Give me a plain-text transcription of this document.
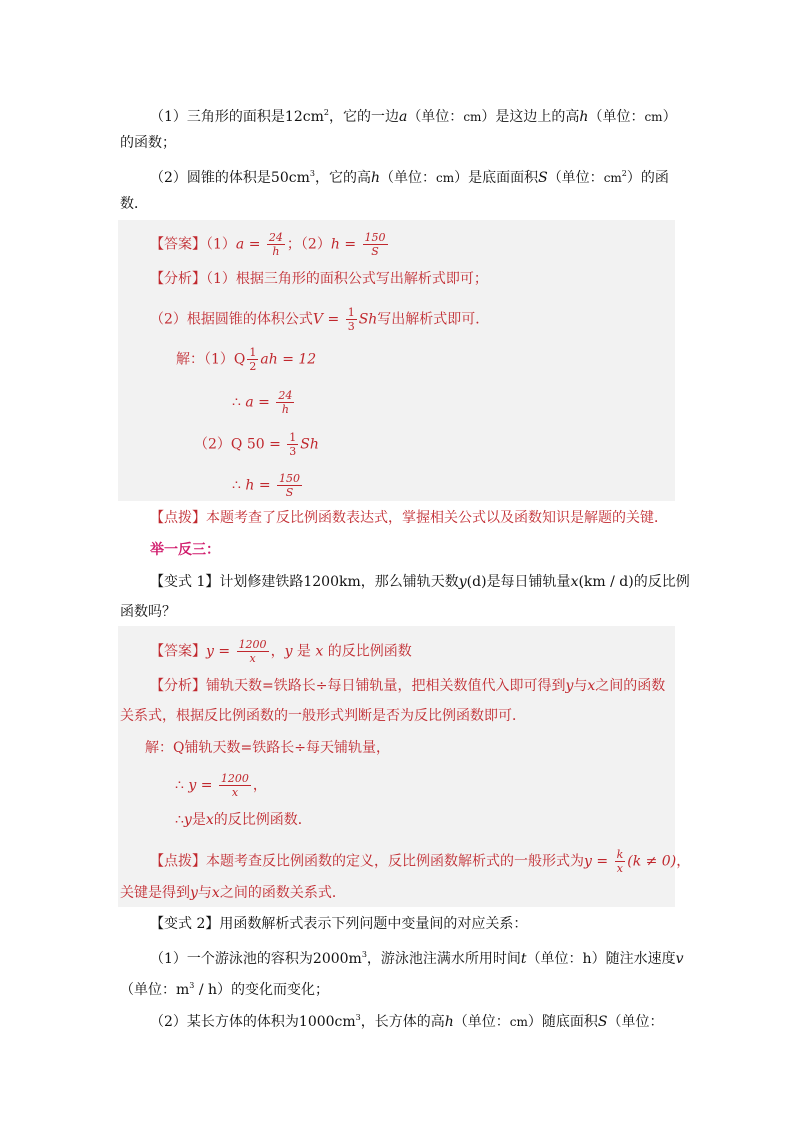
（1）三角形的面积是$12cm^2$，它的一边a（单位：cm）是这边上的高h（单位：cm）
的函数；
（2）圆锥的体积是$50cm^3$，它的高h（单位：cm）是底面面积S（单位：$cm^2$）的函
数．
【答案】$(1)a = \frac{24}{h}$ ；$(2)h = \frac{150}{S}$
【分析】（1）根据三角形的面积公式写出解析式即可；
（2）根据圆锥的体积公式$V = \frac{1}{3}$ Sh写出解析式即可．
解：$(1)Q \frac{1}{2}$ ah = 12
∴ $a = \frac{24}{h}$
（2）Q $50 = \frac{1}{3}$ Sh
∴ $h = \frac{150}{S}$
【点拨】本题考查了反比例函数表达式，掌握相关公式以及函数知识是解题的关键．
举一反三：
【变式 1】计划修建铁路1200km，那么铺轨天数y(d)是每日铺轨量x(km / d)的反比例
函数吗？
【答案】$y = \frac{1200}{x}$ ，y 是 x 的反比例函数
【分析】铺轨天数=铁路长÷每日铺轨量，把相关数值代入即可得到y与x之间的函数
关系式，根据反比例函数的一般形式判断是否为反比例函数即可．
解：Q铺轨天数=铁路长÷每天铺轨量，
∴ $y = \frac{1200}{x}$ ，
∴y是x的反比例函数．
【点拨】本题考查反比例函数的定义，反比例函数解析式的一般形式为$y = \frac{k}{x} (k \ne 0)$，
关键是得到y与x之间的函数关系式．
【变式 2】用函数解析式表示下列问题中变量间的对应关系：
（1）一个游泳池的容积为$2000m^3$，游泳池注满水所用时间t（单位：h）随注水速度v
（单位：$m^3 / h$）的变化而变化；
（2）某长方体的体积为$1000cm^3$，长方体的高h（单位：cm）随底面积S（单位：
